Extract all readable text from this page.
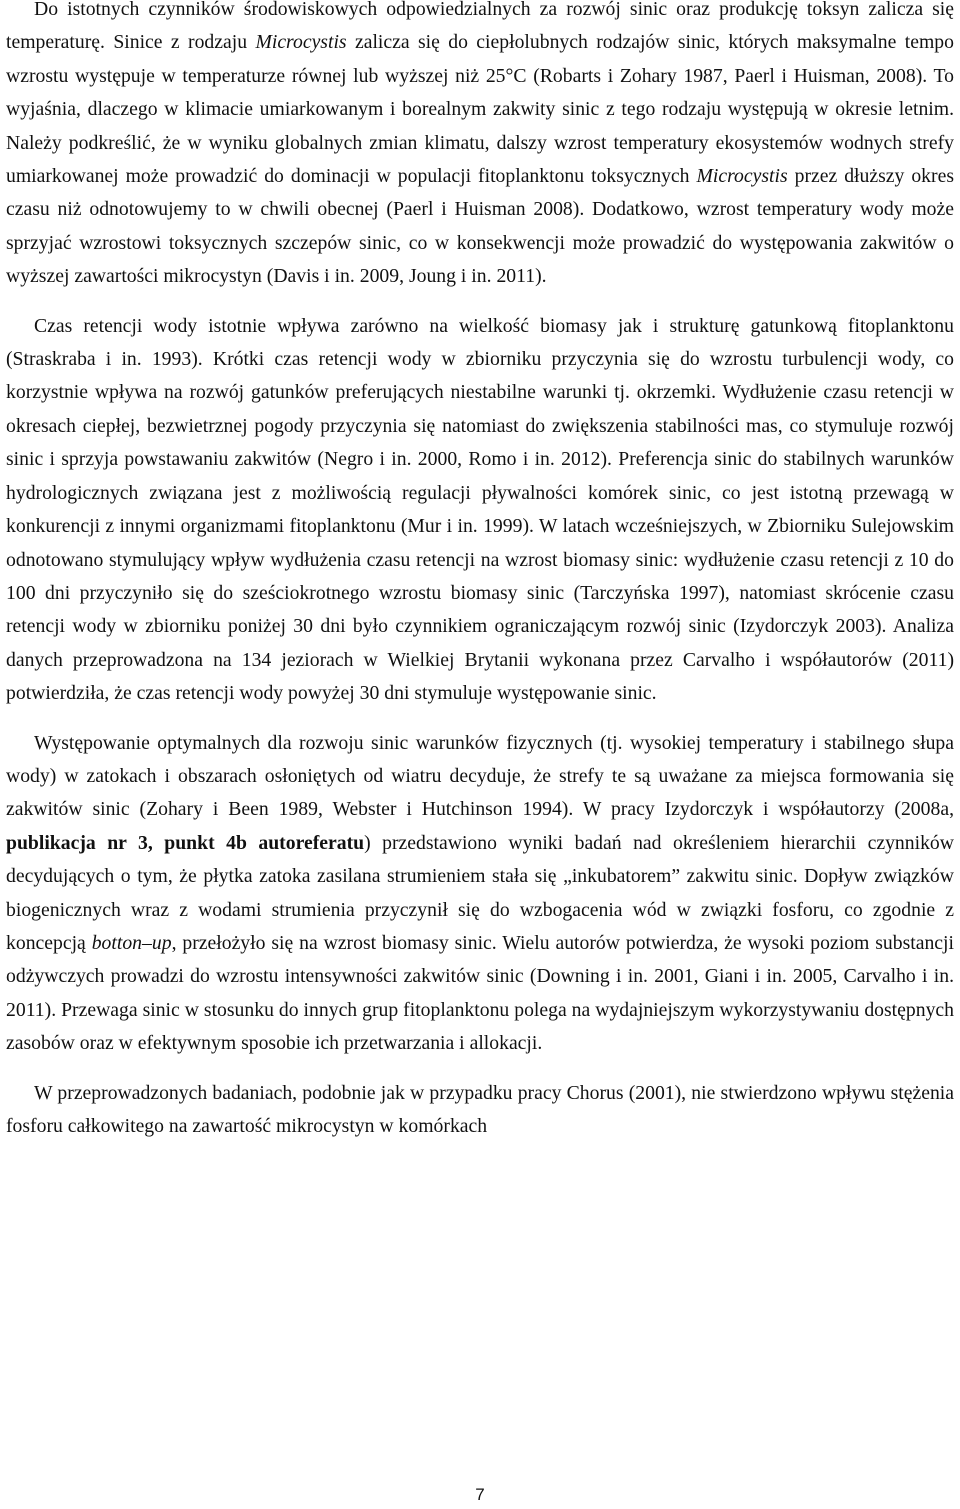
Do istotnych czynników środowiskowych odpowiedzialnych za rozwój sinic oraz produkcję toksyn zalicza się temperaturę. Sinice z rodzaju Microcystis zalicza się do ciepłolubnych rodzajów sinic, których maksymalne tempo wzrostu występuje w temperaturze równej lub wyższej niż 25°C (Robarts i Zohary 1987, Paerl i Huisman, 2008). To wyjaśnia, dlaczego w klimacie umiarkowanym i borealnym zakwity sinic z tego rodzaju występują w okresie letnim. Należy podkreślić, że w wyniku globalnych zmian klimatu, dalszy wzrost temperatury ekosystemów wodnych strefy umiarkowanej może prowadzić do dominacji w populacji fitoplanktonu toksycznych Microcystis przez dłuższy okres czasu niż odnotowujemy to w chwili obecnej (Paerl i Huisman 2008). Dodatkowo, wzrost temperatury wody może sprzyjać wzrostowi toksycznych szczepów sinic, co w konsekwencji może prowadzić do występowania zakwitów o wyższej zawartości mikrocystyn (Davis i in. 2009, Joung i in. 2011).

Czas retencji wody istotnie wpływa zarówno na wielkość biomasy jak i strukturę gatunkową fitoplanktonu (Straskraba i in. 1993). Krótki czas retencji wody w zbiorniku przyczynia się do wzrostu turbulencji wody, co korzystnie wpływa na rozwój gatunków preferujących niestabilne warunki tj. okrzemki. Wydłużenie czasu retencji w okresach ciepłej, bezwietrznej pogody przyczynia się natomiast do zwiększenia stabilności mas, co stymuluje rozwój sinic i sprzyja powstawaniu zakwitów (Negro i in. 2000, Romo i in. 2012). Preferencja sinic do stabilnych warunków hydrologicznych związana jest z możliwością regulacji pływalności komórek sinic, co jest istotną przewagą w konkurencji z innymi organizmami fitoplanktonu (Mur i in. 1999). W latach wcześniejszych, w Zbiorniku Sulejowskim odnotowano stymulujący wpływ wydłużenia czasu retencji na wzrost biomasy sinic: wydłużenie czasu retencji z 10 do 100 dni przyczyniło się do sześciokrotnego wzrostu biomasy sinic (Tarczyńska 1997), natomiast skrócenie czasu retencji wody w zbiorniku poniżej 30 dni było czynnikiem ograniczającym rozwój sinic (Izydorczyk 2003). Analiza danych przeprowadzona na 134 jeziorach w Wielkiej Brytanii wykonana przez Carvalho i współautorów (2011) potwierdziła, że czas retencji wody powyżej 30 dni stymuluje występowanie sinic.

Występowanie optymalnych dla rozwoju sinic warunków fizycznych (tj. wysokiej temperatury i stabilnego słupa wody) w zatokach i obszarach osłoniętych od wiatru decyduje, że strefy te są uważane za miejsca formowania się zakwitów sinic (Zohary i Been 1989, Webster i Hutchinson 1994). W pracy Izydorczyk i współautorzy (2008a, publikacja nr 3, punkt 4b autoreferatu) przedstawiono wyniki badań nad określeniem hierarchii czynników decydujących o tym, że płytka zatoka zasilana strumieniem stała się „inkubatorem” zakwitu sinic. Dopływ związków biogenicznych wraz z wodami strumienia przyczynił się do wzbogacenia wód w związki fosforu, co zgodnie z koncepcją botton–up, przełożyło się na wzrost biomasy sinic. Wielu autorów potwierdza, że wysoki poziom substancji odżywczych prowadzi do wzrostu intensywności zakwitów sinic (Downing i in. 2001, Giani i in. 2005, Carvalho i in. 2011). Przewaga sinic w stosunku do innych grup fitoplanktonu polega na wydajniejszym wykorzystywaniu dostępnych zasobów oraz w efektywnym sposobie ich przetwarzania i allokacji.

W przeprowadzonych badaniach, podobnie jak w przypadku pracy Chorus (2001), nie stwierdzono wpływu stężenia fosforu całkowitego na zawartość mikrocystyn w komórkach

7
